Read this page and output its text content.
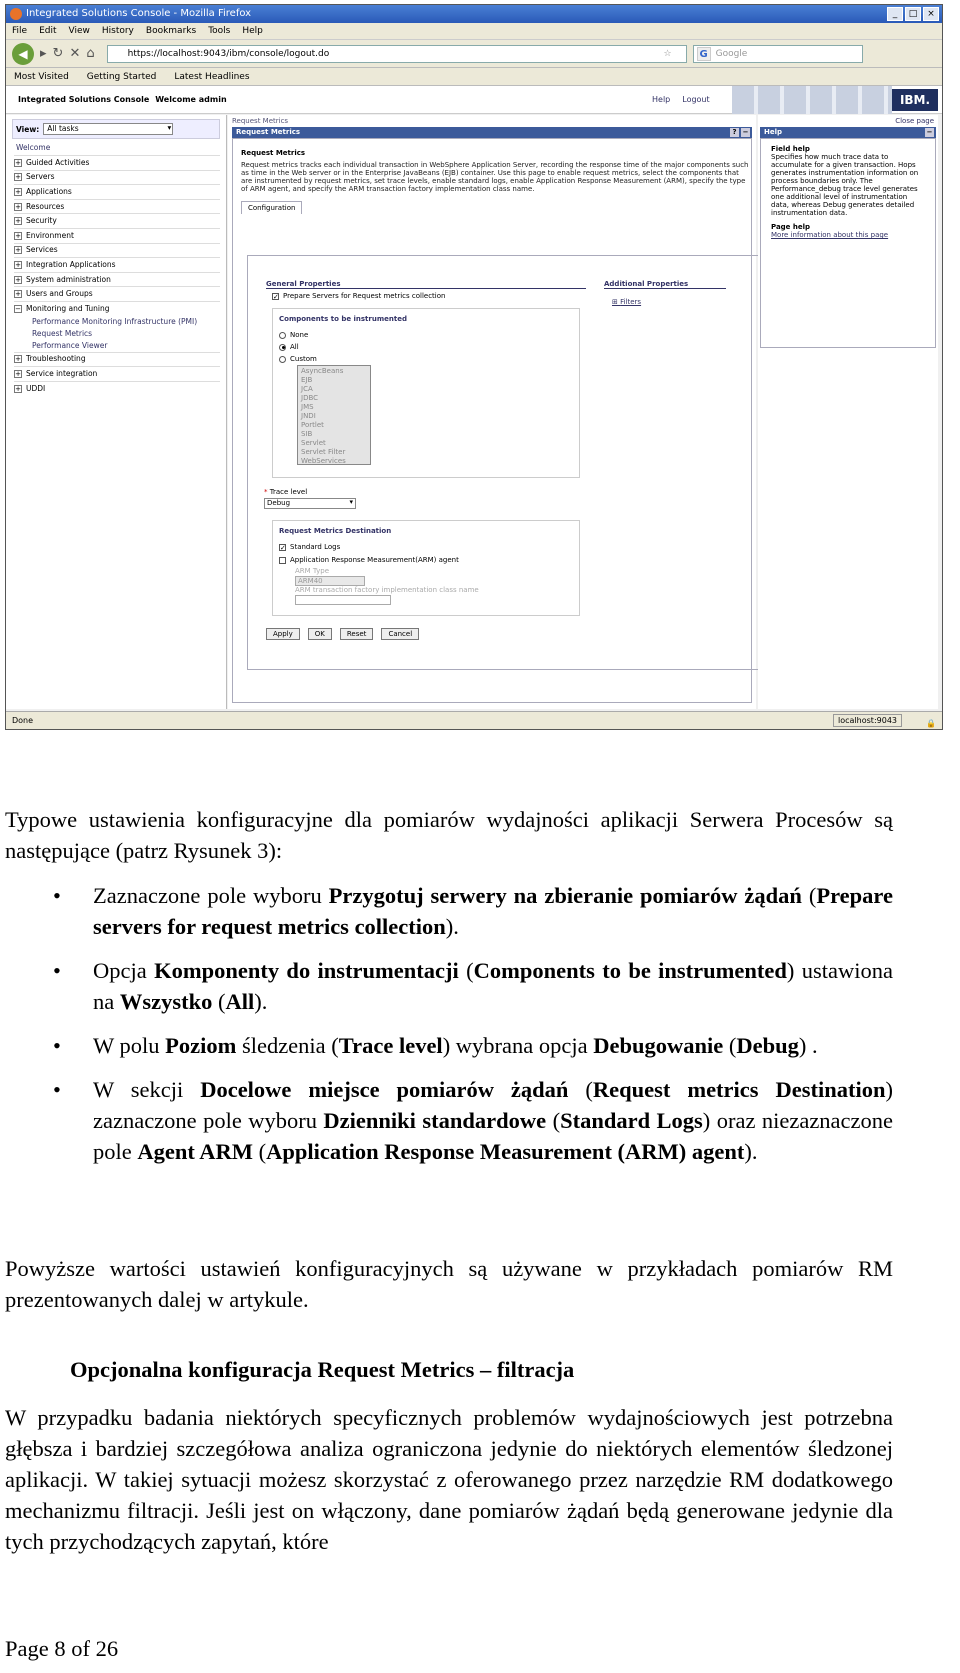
Integrated Solutions Console - Mozilla Firefox	_	□	×
File Edit View History Bookmarks Tools Help
◀ ▸ ↻ ✕ ⌂	https://localhost:9043/ibm/console/logout.do	☆	G Google
Most Visited Getting Started Latest Headlines
Integrated Solutions Console Welcome admin	Help Logout	IBM.
View:	All tasks ▾
Welcome
+ Guided Activities
+ Servers
+ Applications
+ Resources
+ Security
+ Environment
+ Services
+ Integration Applications
+ System administration
+ Users and Groups
− Monitoring and Tuning
Performance Monitoring Infrastructure (PMI)
Request Metrics
Performance Viewer
+ Troubleshooting
+ Service integration
+ UDDI
Request Metrics
Request Metrics	? −
Request Metrics
Request metrics tracks each individual transaction in WebSphere Application Server, recording the response time of the major components such as time in the Web server or in the Enterprise JavaBeans (EJB) container. Use this page to enable request metrics, select the components that are instrumented by request metrics, set trace levels, enable standard logs, enable Application Response Measurement (ARM), specify the type of ARM agent, and specify the ARM transaction factory implementation class name.
Configuration
General Properties	Additional Properties
⊞ Filters
✓ Prepare Servers for Request metrics collection
Components to be instrumented
None
All
Custom
AsyncBeans
EJB
JCA
JDBC
JMS
JNDI
Portlet
SIB
Servlet
Servlet Filter
WebServices
* Trace level
Debug ▾
Request Metrics Destination
✓ Standard Logs
Application Response Measurement(ARM) agent
ARM Type
ARM40
ARM transaction factory implementation class name
Apply	OK	Reset	Cancel
Close page
Help	−
Field help
Specifies how much trace data to accumulate for a given transaction. Hops generates instrumentation information on process boundaries only. The Performance_debug trace level generates one additional level of instrumentation data, whereas Debug generates detailed instrumentation data.
Page help
More information about this page
Done	localhost:9043	🔒
Typowe ustawienia konfiguracyjne dla pomiarów wydajności aplikacji Serwera Procesów są następujące (patrz Rysunek 3):
• Zaznaczone pole wyboru Przygotuj serwery na zbieranie pomiarów żądań (Prepare servers for request metrics collection).
• Opcja Komponenty do instrumentacji (Components to be instrumented) ustawiona na Wszystko (All).
• W polu Poziom śledzenia (Trace level) wybrana opcja Debugowanie (Debug) .
• W sekcji Docelowe miejsce pomiarów żądań (Request metrics Destination) zaznaczone pole wyboru Dzienniki standardowe (Standard Logs) oraz niezaznaczone pole Agent ARM (Application Response Measurement (ARM) agent).
Powyższe wartości ustawień konfiguracyjnych są używane w przykładach pomiarów RM prezentowanych dalej w artykule.
Opcjonalna konfiguracja Request Metrics – filtracja
W przypadku badania niektórych specyficznych problemów wydajnościowych jest potrzebna głębsza i bardziej szczegółowa analiza ograniczona jedynie do niektórych elementów śledzonej aplikacji. W takiej sytuacji możesz skorzystać z oferowanego przez narzędzie RM dodatkowego mechanizmu filtracji. Jeśli jest on włączony, dane pomiarów żądań będą generowane jedynie dla tych przychodzących zapytań, które
Page 8 of 26
